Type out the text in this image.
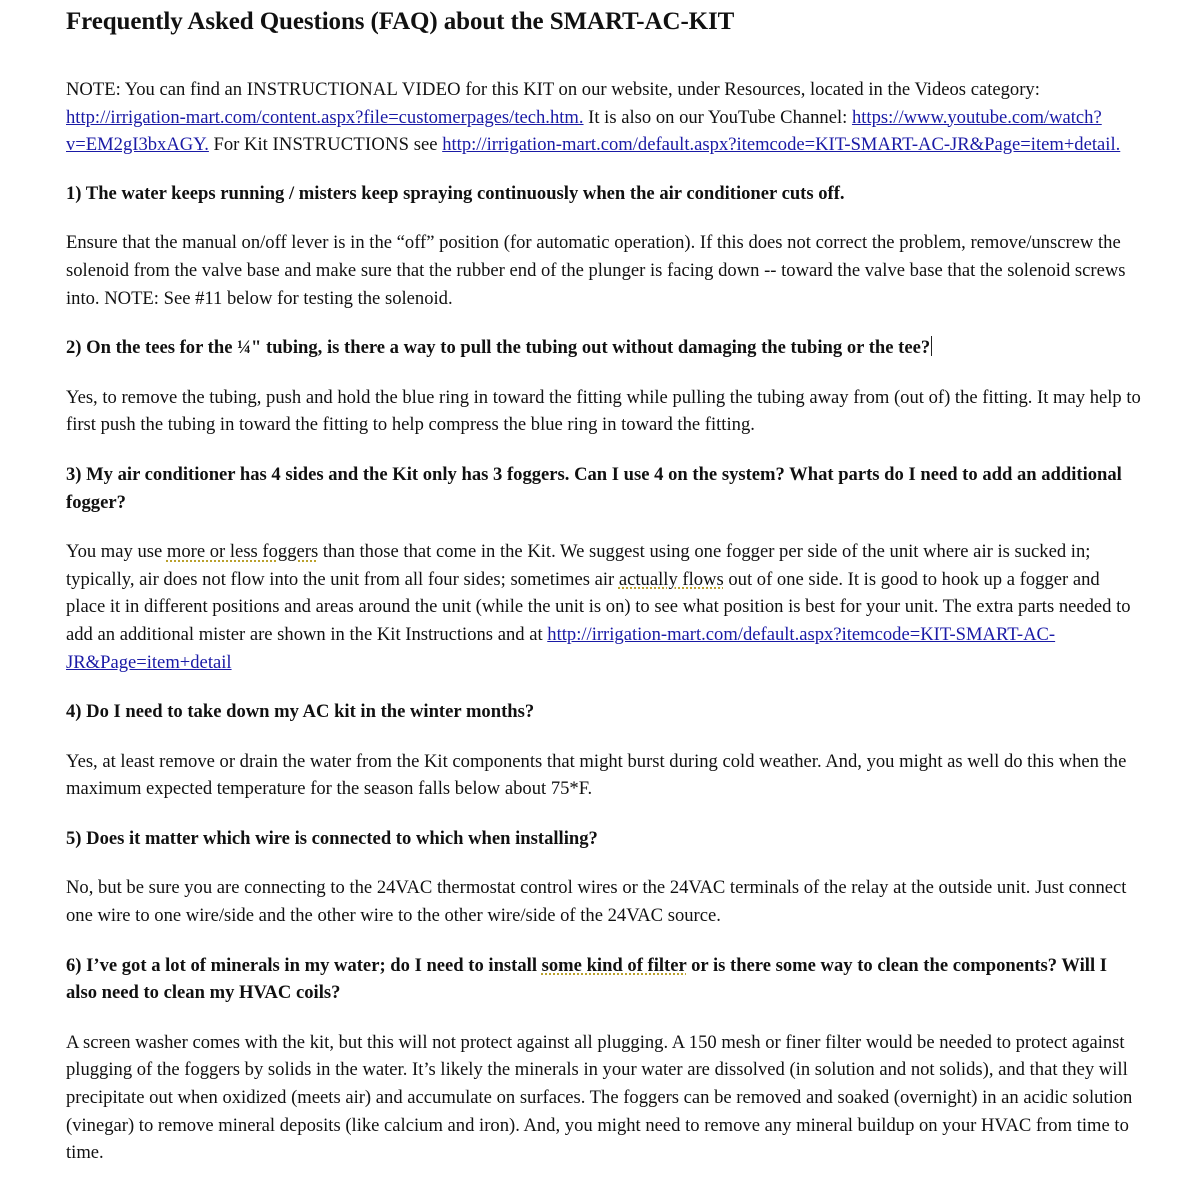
Frequently Asked Questions (FAQ) about the SMART-AC-KIT

NOTE: You can find an INSTRUCTIONAL VIDEO for this KIT on our website, under Resources, located in the Videos category: http://irrigation-mart.com/content.aspx?file=customerpages/tech.htm. It is also on our YouTube Channel: https://www.youtube.com/watch?v=EM2gI3bxAGY. For Kit INSTRUCTIONS see http://irrigation-mart.com/default.aspx?itemcode=KIT-SMART-AC-JR&Page=item+detail.

1) The water keeps running / misters keep spraying continuously when the air conditioner cuts off.

Ensure that the manual on/off lever is in the “off” position (for automatic operation). If this does not correct the problem, remove/unscrew the solenoid from the valve base and make sure that the rubber end of the plunger is facing down -- toward the valve base that the solenoid screws into. NOTE: See #11 below for testing the solenoid.

2) On the tees for the ¼" tubing, is there a way to pull the tubing out without damaging the tubing or the tee?

Yes, to remove the tubing, push and hold the blue ring in toward the fitting while pulling the tubing away from (out of) the fitting. It may help to first push the tubing in toward the fitting to help compress the blue ring in toward the fitting.

3) My air conditioner has 4 sides and the Kit only has 3 foggers. Can I use 4 on the system? What parts do I need to add an additional fogger?

You may use more or less foggers than those that come in the Kit. We suggest using one fogger per side of the unit where air is sucked in; typically, air does not flow into the unit from all four sides; sometimes air actually flows out of one side. It is good to hook up a fogger and place it in different positions and areas around the unit (while the unit is on) to see what position is best for your unit. The extra parts needed to add an additional mister are shown in the Kit Instructions and at http://irrigation-mart.com/default.aspx?itemcode=KIT-SMART-AC-JR&Page=item+detail

4) Do I need to take down my AC kit in the winter months?

Yes, at least remove or drain the water from the Kit components that might burst during cold weather. And, you might as well do this when the maximum expected temperature for the season falls below about 75*F.

5) Does it matter which wire is connected to which when installing?

No, but be sure you are connecting to the 24VAC thermostat control wires or the 24VAC terminals of the relay at the outside unit. Just connect one wire to one wire/side and the other wire to the other wire/side of the 24VAC source.

6) I’ve got a lot of minerals in my water; do I need to install some kind of filter or is there some way to clean the components? Will I also need to clean my HVAC coils?

A screen washer comes with the kit, but this will not protect against all plugging. A 150 mesh or finer filter would be needed to protect against plugging of the foggers by solids in the water. It’s likely the minerals in your water are dissolved (in solution and not solids), and that they will precipitate out when oxidized (meets air) and accumulate on surfaces. The foggers can be removed and soaked (overnight) in an acidic solution (vinegar) to remove mineral deposits (like calcium and iron). And, you might need to remove any mineral buildup on your HVAC from time to time.
